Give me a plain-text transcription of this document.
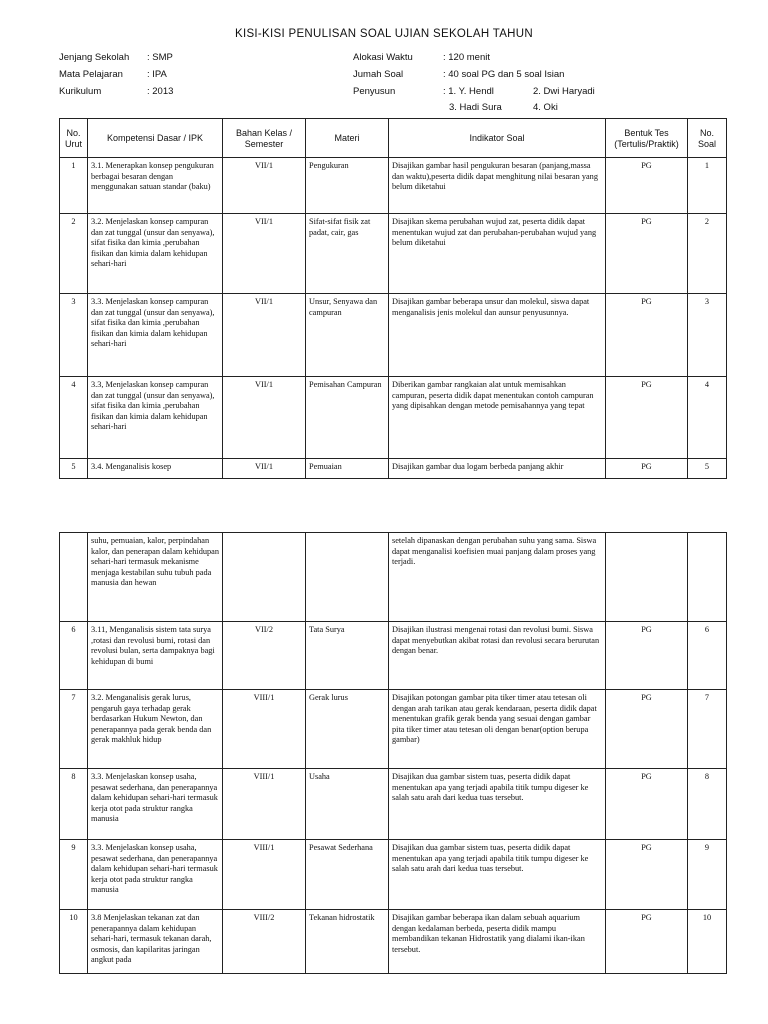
KISI-KISI PENULISAN SOAL UJIAN SEKOLAH TAHUN
Jenjang Sekolah : SMP
Mata Pelajaran	: IPA
Kurikulum	: 2013
Alokasi Waktu	: 120 menit
Jumah Soal	: 40 soal PG dan 5 soal Isian
Penyusun	: 1. Y. Hendl	2. Dwi Haryadi
3. Hadi Sura	4. Oki
No. Urut	Kompetensi Dasar / IPK	Bahan Kelas / Semester	Materi	Indikator Soal	Bentuk Tes (Tertulis/Praktik)	No. Soal
1	3.1. Menerapkan konsep pengukuran berbagai besaran dengan menggunakan satuan standar (baku)	VII/1	Pengukuran	Disajikan gambar hasil pengukuran besaran (panjang,massa dan waktu),peserta didik dapat menghitung nilai besaran yang belum diketahui	PG	1
2	3.2. Menjelaskan konsep campuran dan zat tunggal (unsur dan senyawa), sifat fisika dan kimia ,perubahan fisikan dan kimia dalam kehidupan sehari-hari	VII/1	Sifat-sifat fisik zat padat, cair, gas	Disajikan skema perubahan wujud zat, peserta didik dapat menentukan wujud zat dan perubahan-perubahan wujud yang belum diketahui	PG	2
3	3.3. Menjelaskan konsep campuran dan zat tunggal (unsur dan senyawa), sifat fisika dan kimia ,perubahan fisikan dan kimia dalam kehidupan sehari-hari	VII/1	Unsur, Senyawa dan campuran	Disajikan gambar beberapa unsur dan molekul, siswa dapat menganalisis jenis molekul dan aunsur penyusunnya.	PG	3
4	3.3, Menjelaskan konsep campuran dan zat tunggal (unsur dan senyawa), sifat fisika dan kimia ,perubahan fisikan dan kimia dalam kehidupan sehari-hari	VII/1	Pemisahan Campuran	Diberikan gambar rangkaian alat untuk memisahkan campuran, peserta didik dapat menentukan contoh campuran yang dipisahkan dengan metode pemisahannya yang tepat	PG	4
5	3.4. Menganalisis kosep	VII/1	Pemuaian	Disajikan gambar dua logam berbeda panjang akhir	PG	5
	suhu, pemuaian, kalor, perpindahan kalor, dan penerapan dalam kehidupan sehari-hari termasuk mekanisme menjaga kestabilan suhu tubuh pada manusia dan hewan			setelah dipanaskan dengan perubahan suhu yang sama. Siswa dapat menganalisi koefisien muai panjang dalam proses yang terjadi.		
6	3.11, Menganalisis sistem tata surya ,rotasi dan revolusi bumi, rotasi dan revolusi bulan, serta dampaknya bagi kehidupan di bumi	VII/2	Tata Surya	Disajikan ilustrasi mengenai rotasi dan revolusi bumi. Siswa dapat menyebutkan akibat rotasi dan revolusi secara berurutan dengan benar.	PG	6
7	3.2. Menganalisis gerak lurus, pengaruh gaya terhadap gerak berdasarkan Hukum Newton, dan penerapannya pada gerak benda dan gerak makhluk hidup	VIII/1	Gerak lurus	Disajikan potongan gambar pita tiker timer atau tetesan oli dengan arah tarikan atau gerak kendaraan, peserta didik dapat menentukan grafik gerak benda yang sesuai dengan gambar pita tiker timer atau tetesan oli dengan benar(option berupa gambar)	PG	7
8	3.3. Menjelaskan konsep usaha, pesawat sederhana, dan penerapannya dalam kehidupan sehari-hari termasuk kerja otot pada struktur rangka manusia	VIII/1	Usaha	Disajikan dua gambar sistem tuas, peserta didik dapat menentukan apa yang terjadi apabila titik tumpu digeser ke salah satu arah dari kedua tuas tersebut.	PG	8
9	3.3. Menjelaskan konsep usaha, pesawat sederhana, dan penerapannya dalam kehidupan sehari-hari termasuk kerja otot pada struktur rangka manusia	VIII/1	Pesawat Sederhana	Disajikan dua gambar sistem tuas, peserta didik dapat menentukan apa yang terjadi apabila titik tumpu digeser ke salah satu arah dari kedua tuas tersebut.	PG	9
10	3.8 Menjelaskan tekanan zat dan penerapannya dalam kehidupan sehari-hari, termasuk tekanan darah, osmosis, dan kapilaritas jaringan angkut pada	VIII/2	Tekanan hidrostatik	Disajikan gambar beberapa ikan dalam sebuah aquarium dengan kedalaman berbeda, peserta didik mampu membandikan tekanan Hidrostatik yang dialami ikan-ikan tersebut.	PG	10
